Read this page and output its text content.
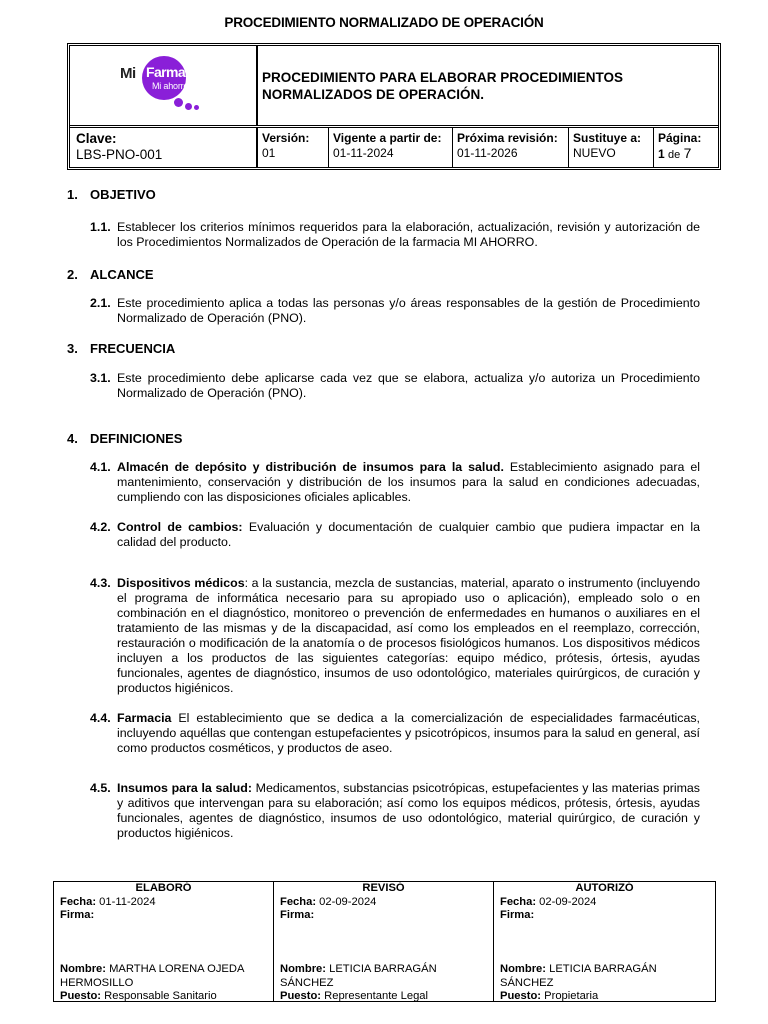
PROCEDIMIENTO NORMALIZADO DE OPERACIÓN
Mi Farmacia
Mi ahorro
PROCEDIMIENTO PARA ELABORAR PROCEDIMIENTOS
NORMALIZADOS DE OPERACIÓN.
Clave:
LBS-PNO-001
Versión:
01
Vigente a partir de:
01-11-2024
Próxima revisión:
01-11-2026
Sustituye a:
NUEVO
Página:
1 de 7
1. OBJETIVO
1.1. Establecer los criterios mínimos requeridos para la elaboración, actualización, revisión y autorización de los Procedimientos Normalizados de Operación de la farmacia MI AHORRO.
2. ALCANCE
2.1. Este procedimiento aplica a todas las personas y/o áreas responsables de la gestión de Procedimiento Normalizado de Operación (PNO).
3. FRECUENCIA
3.1. Este procedimiento debe aplicarse cada vez que se elabora, actualiza y/o autoriza un Procedimiento Normalizado de Operación (PNO).
4. DEFINICIONES
4.1. Almacén de depósito y distribución de insumos para la salud. Establecimiento asignado para el mantenimiento, conservación y distribución de los insumos para la salud en condiciones adecuadas, cumpliendo con las disposiciones oficiales aplicables.
4.2. Control de cambios: Evaluación y documentación de cualquier cambio que pudiera impactar en la calidad del producto.
4.3. Dispositivos médicos: a la sustancia, mezcla de sustancias, material, aparato o instrumento (incluyendo el programa de informática necesario para su apropiado uso o aplicación), empleado solo o en combinación en el diagnóstico, monitoreo o prevención de enfermedades en humanos o auxiliares en el tratamiento de las mismas y de la discapacidad, así como los empleados en el reemplazo, corrección, restauración o modificación de la anatomía o de procesos fisiológicos humanos. Los dispositivos médicos incluyen a los productos de las siguientes categorías: equipo médico, prótesis, órtesis, ayudas funcionales, agentes de diagnóstico, insumos de uso odontológico, materiales quirúrgicos, de curación y productos higiénicos.
4.4. Farmacia El establecimiento que se dedica a la comercialización de especialidades farmacéuticas, incluyendo aquéllas que contengan estupefacientes y psicotrópicos, insumos para la salud en general, así como productos cosméticos, y productos de aseo.
4.5. Insumos para la salud: Medicamentos, substancias psicotrópicas, estupefacientes y las materias primas y aditivos que intervengan para su elaboración; así como los equipos médicos, prótesis, órtesis, ayudas funcionales, agentes de diagnóstico, insumos de uso odontológico, material quirúrgico, de curación y productos higiénicos.
ELABORÓ
Fecha: 01-11-2024
Firma:
Nombre: MARTHA LORENA OJEDA HERMOSILLO
Puesto: Responsable Sanitario
REVISÓ
Fecha: 02-09-2024
Firma:
Nombre: LETICIA BARRAGÁN SÁNCHEZ
Puesto: Representante Legal
AUTORIZÓ
Fecha: 02-09-2024
Firma:
Nombre: LETICIA BARRAGÁN SÁNCHEZ
Puesto: Propietaria
